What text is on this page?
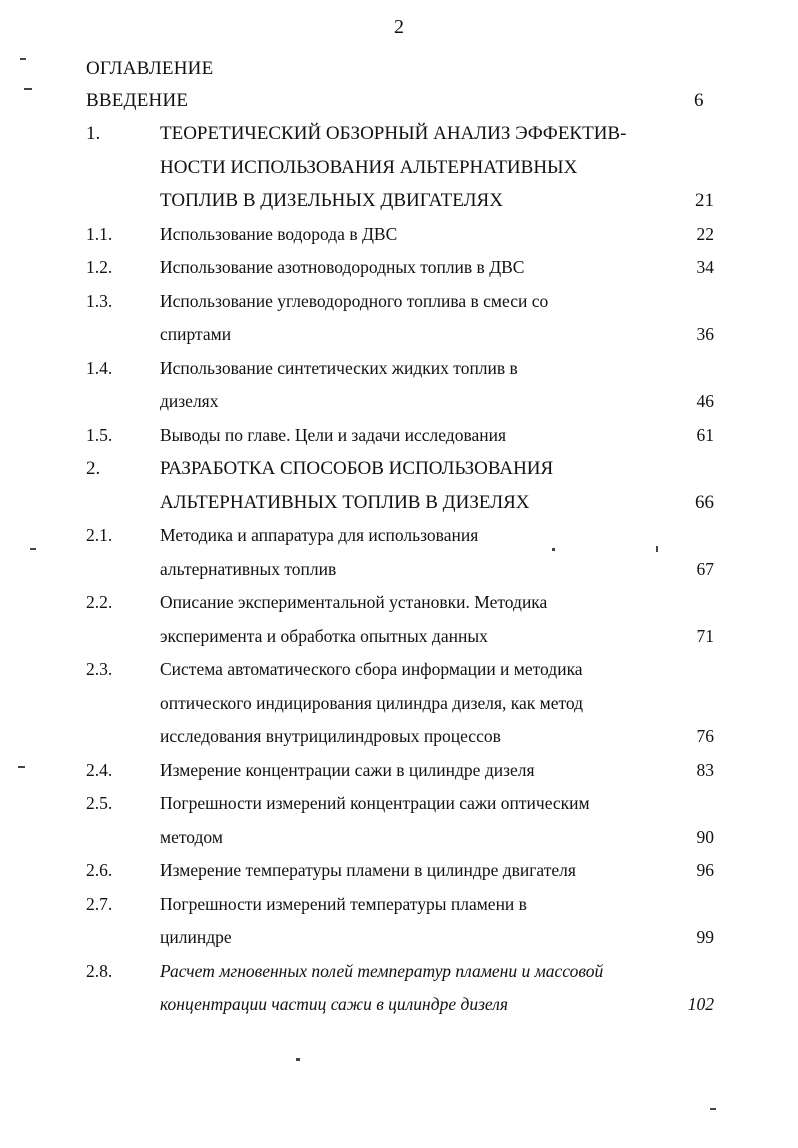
2
ОГЛАВЛЕНИЕ
ВВЕДЕНИЕ	6
1.	ТЕОРЕТИЧЕСКИЙ ОБЗОРНЫЙ АНАЛИЗ ЭФФЕКТИВ-
НОСТИ ИСПОЛЬЗОВАНИЯ АЛЬТЕРНАТИВНЫХ
ТОПЛИВ В ДИЗЕЛЬНЫХ ДВИГАТЕЛЯХ	21
1.1.	Использование водорода в ДВС	22
1.2.	Использование азотноводородных топлив в ДВС	34
1.3.	Использование углеводородного топлива в смеси со
спиртами	36
1.4.	Использование синтетических жидких топлив в
дизелях	46
1.5.	Выводы по главе. Цели и задачи исследования	61
2.	РАЗРАБОТКА СПОСОБОВ ИСПОЛЬЗОВАНИЯ
АЛЬТЕРНАТИВНЫХ ТОПЛИВ В ДИЗЕЛЯХ	66
2.1.	Методика и аппаратура для использования
альтернативных топлив	67
2.2.	Описание экспериментальной установки. Методика
эксперимента и обработка опытных данных	71
2.3.	Система автоматического сбора информации и методика
оптического индицирования цилиндра дизеля, как метод
исследования внутрицилиндровых процессов	76
2.4.	Измерение концентрации сажи в цилиндре дизеля	83
2.5.	Погрешности измерений концентрации сажи оптическим
методом	90
2.6.	Измерение температуры пламени в цилиндре двигателя	96
2.7.	Погрешности измерений температуры пламени в
цилиндре	99
2.8.	Расчет мгновенных полей температур пламени и массовой
концентрации частиц сажи в цилиндре дизеля	102
